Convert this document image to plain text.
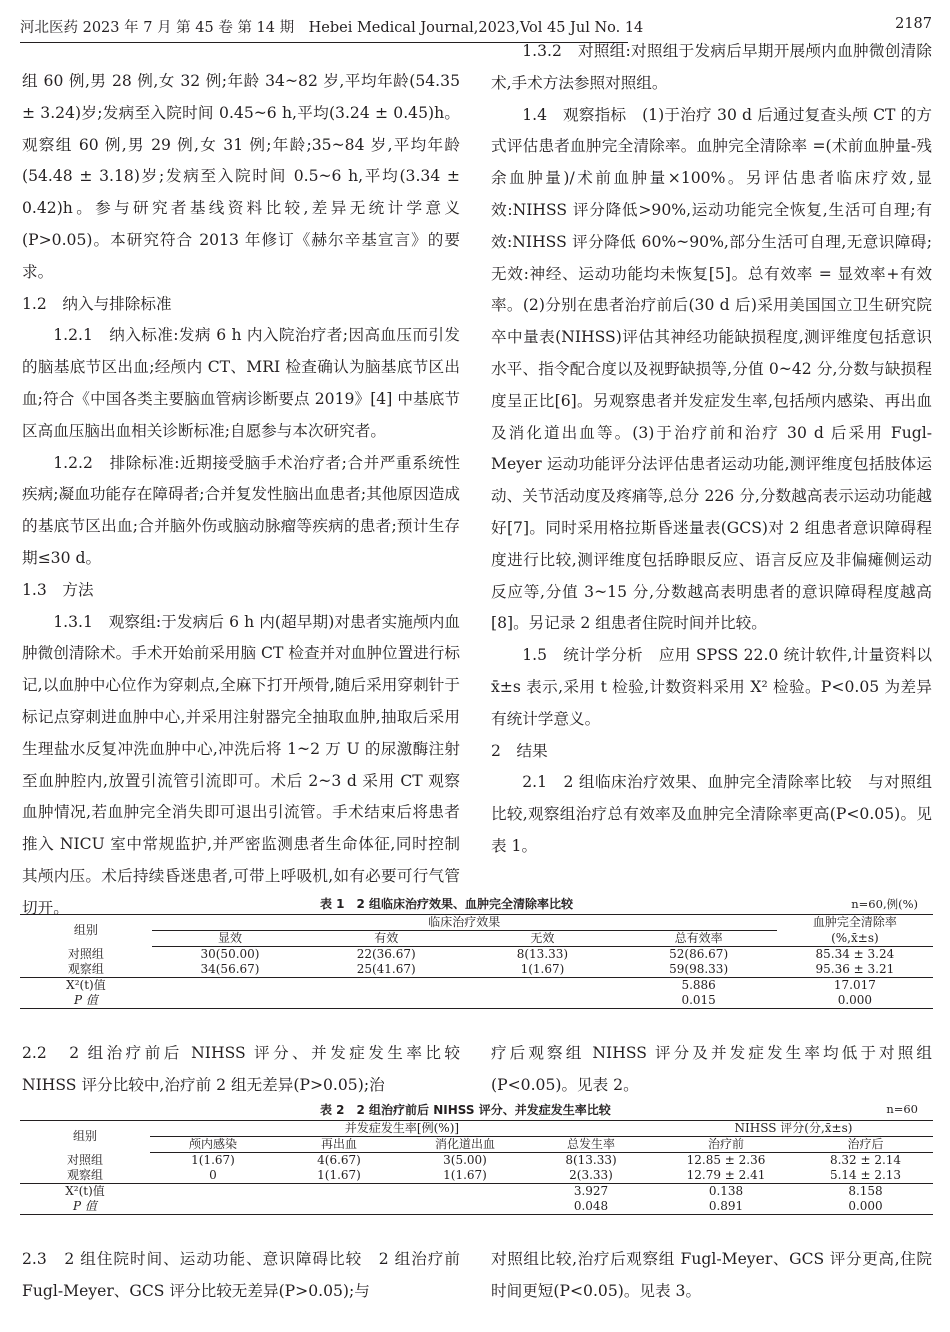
河北医药 2023 年 7 月 第 45 卷 第 14 期　Hebei Medical Journal,2023,Vol 45 Jul No. 14	2187

组 60 例,男 28 例,女 32 例;年龄 34~82 岁,平均年龄(54.35 ± 3.24)岁;发病至入院时间 0.45~6 h,平均(3.24 ± 0.45)h。观察组 60 例,男 29 例,女 31 例;年龄;35~84 岁,平均年龄(54.48 ± 3.18)岁;发病至入院时间 0.5~6 h,平均(3.34 ± 0.42)h。参与研究者基线资料比较,差异无统计学意义(P>0.05)。本研究符合 2013 年修订《赫尔辛基宣言》的要求。

1.2　纳入与排除标准

1.2.1　纳入标准:发病 6 h 内入院治疗者;因高血压而引发的脑基底节区出血;经颅内 CT、MRI 检查确认为脑基底节区出血;符合《中国各类主要脑血管病诊断要点 2019》[4] 中基底节区高血压脑出血相关诊断标准;自愿参与本次研究者。

1.2.2　排除标准:近期接受脑手术治疗者;合并严重系统性疾病;凝血功能存在障碍者;合并复发性脑出血患者;其他原因造成的基底节区出血;合并脑外伤或脑动脉瘤等疾病的患者;预计生存期≤30 d。

1.3　方法

1.3.1　观察组:于发病后 6 h 内(超早期)对患者实施颅内血肿微创清除术。手术开始前采用脑 CT 检查并对血肿位置进行标记,以血肿中心位作为穿刺点,全麻下打开颅骨,随后采用穿刺针于标记点穿刺进血肿中心,并采用注射器完全抽取血肿,抽取后采用生理盐水反复冲洗血肿中心,冲洗后将 1~2 万 U 的尿激酶注射至血肿腔内,放置引流管引流即可。术后 2~3 d 采用 CT 观察血肿情况,若血肿完全消失即可退出引流管。手术结束后将患者推入 NICU 室中常规监护,并严密监测患者生命体征,同时控制其颅内压。术后持续昏迷患者,可带上呼吸机,如有必要可行气管切开。

1.3.2　对照组:对照组于发病后早期开展颅内血肿微创清除术,手术方法参照对照组。

1.4　观察指标　(1)于治疗 30 d 后通过复查头颅 CT 的方式评估患者血肿完全清除率。血肿完全清除率 =(术前血肿量-残余血肿量)/术前血肿量×100%。另评估患者临床疗效,显效:NIHSS 评分降低>90%,运动功能完全恢复,生活可自理;有效:NIHSS 评分降低 60%~90%,部分生活可自理,无意识障碍;无效:神经、运动功能均未恢复[5]。总有效率 = 显效率+有效率。(2)分别在患者治疗前后(30 d 后)采用美国国立卫生研究院卒中量表(NIHSS)评估其神经功能缺损程度,测评维度包括意识水平、指令配合度以及视野缺损等,分值 0~42 分,分数与缺损程度呈正比[6]。另观察患者并发症发生率,包括颅内感染、再出血及消化道出血等。(3)于治疗前和治疗 30 d 后采用 Fugl-Meyer 运动功能评分法评估患者运动功能,测评维度包括肢体运动、关节活动度及疼痛等,总分 226 分,分数越高表示运动功能越好[7]。同时采用格拉斯昏迷量表(GCS)对 2 组患者意识障碍程度进行比较,测评维度包括睁眼反应、语言反应及非偏瘫侧运动反应等,分值 3~15 分,分数越高表明患者的意识障碍程度越高[8]。另记录 2 组患者住院时间并比较。

1.5　统计学分析　应用 SPSS 22.0 统计软件,计量资料以 x̄±s 表示,采用 t 检验,计数资料采用 X² 检验。P<0.05 为差异有统计学意义。

2　结果

2.1　2 组临床治疗效果、血肿完全清除率比较　与对照组比较,观察组治疗总有效率及血肿完全清除率更高(P<0.05)。见表 1。

表 1　2 组临床治疗效果、血肿完全清除率比较	n=60,例(%)
组别	临床治疗效果				血肿完全清除率
	显效	有效	无效	总有效率	(%,x̄±s)
对照组	30(50.00)	22(36.67)	8(13.33)	52(86.67)	85.34 ± 3.24
观察组	34(56.67)	25(41.67)	1(1.67)	59(98.33)	95.36 ± 3.21
X²(t)值				5.886	17.017
P 值				0.015	0.000
2.2　2 组治疗前后 NIHSS 评分、并发症发生率比较　NIHSS 评分比较中,治疗前 2 组无差异(P>0.05);治
疗后观察组 NIHSS 评分及并发症发生率均低于对照组(P<0.05)。见表 2。
表 2　2 组治疗前后 NIHSS 评分、并发症发生率比较	n=60
组别	并发症发生率[例(%)]				NIHSS 评分(分,x̄±s)	
	颅内感染	再出血	消化道出血	总发生率	治疗前	治疗后
对照组	1(1.67)	4(6.67)	3(5.00)	8(13.33)	12.85 ± 2.36	8.32 ± 2.14
观察组	0	1(1.67)	1(1.67)	2(3.33)	12.79 ± 2.41	5.14 ± 2.13
X²(t)值				3.927	0.138	8.158
P 值				0.048	0.891	0.000
2.3　2 组住院时间、运动功能、意识障碍比较　2 组治疗前 Fugl-Meyer、GCS 评分比较无差异(P>0.05);与
对照组比较,治疗后观察组 Fugl-Meyer、GCS 评分更高,住院时间更短(P<0.05)。见表 3。
